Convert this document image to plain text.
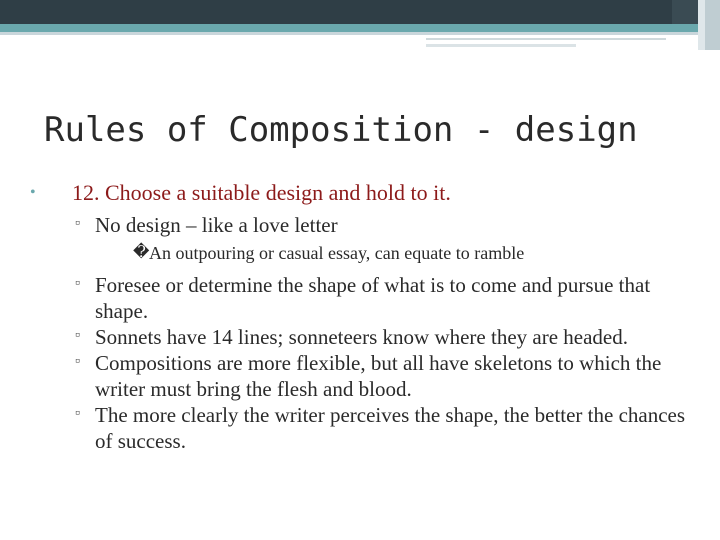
Rules of Composition - design
• 12. Choose a suitable design and hold to it.
▫ No design – like a love letter
� An outpouring or casual essay, can equate to ramble
▫ Foresee or determine the shape of what is to come and pursue that shape.
▫ Sonnets have 14 lines; sonneteers know where they are headed.
▫ Compositions are more flexible, but all have skeletons to which the writer must bring the flesh and blood.
▫ The more clearly the writer perceives the shape, the better the chances of success.
